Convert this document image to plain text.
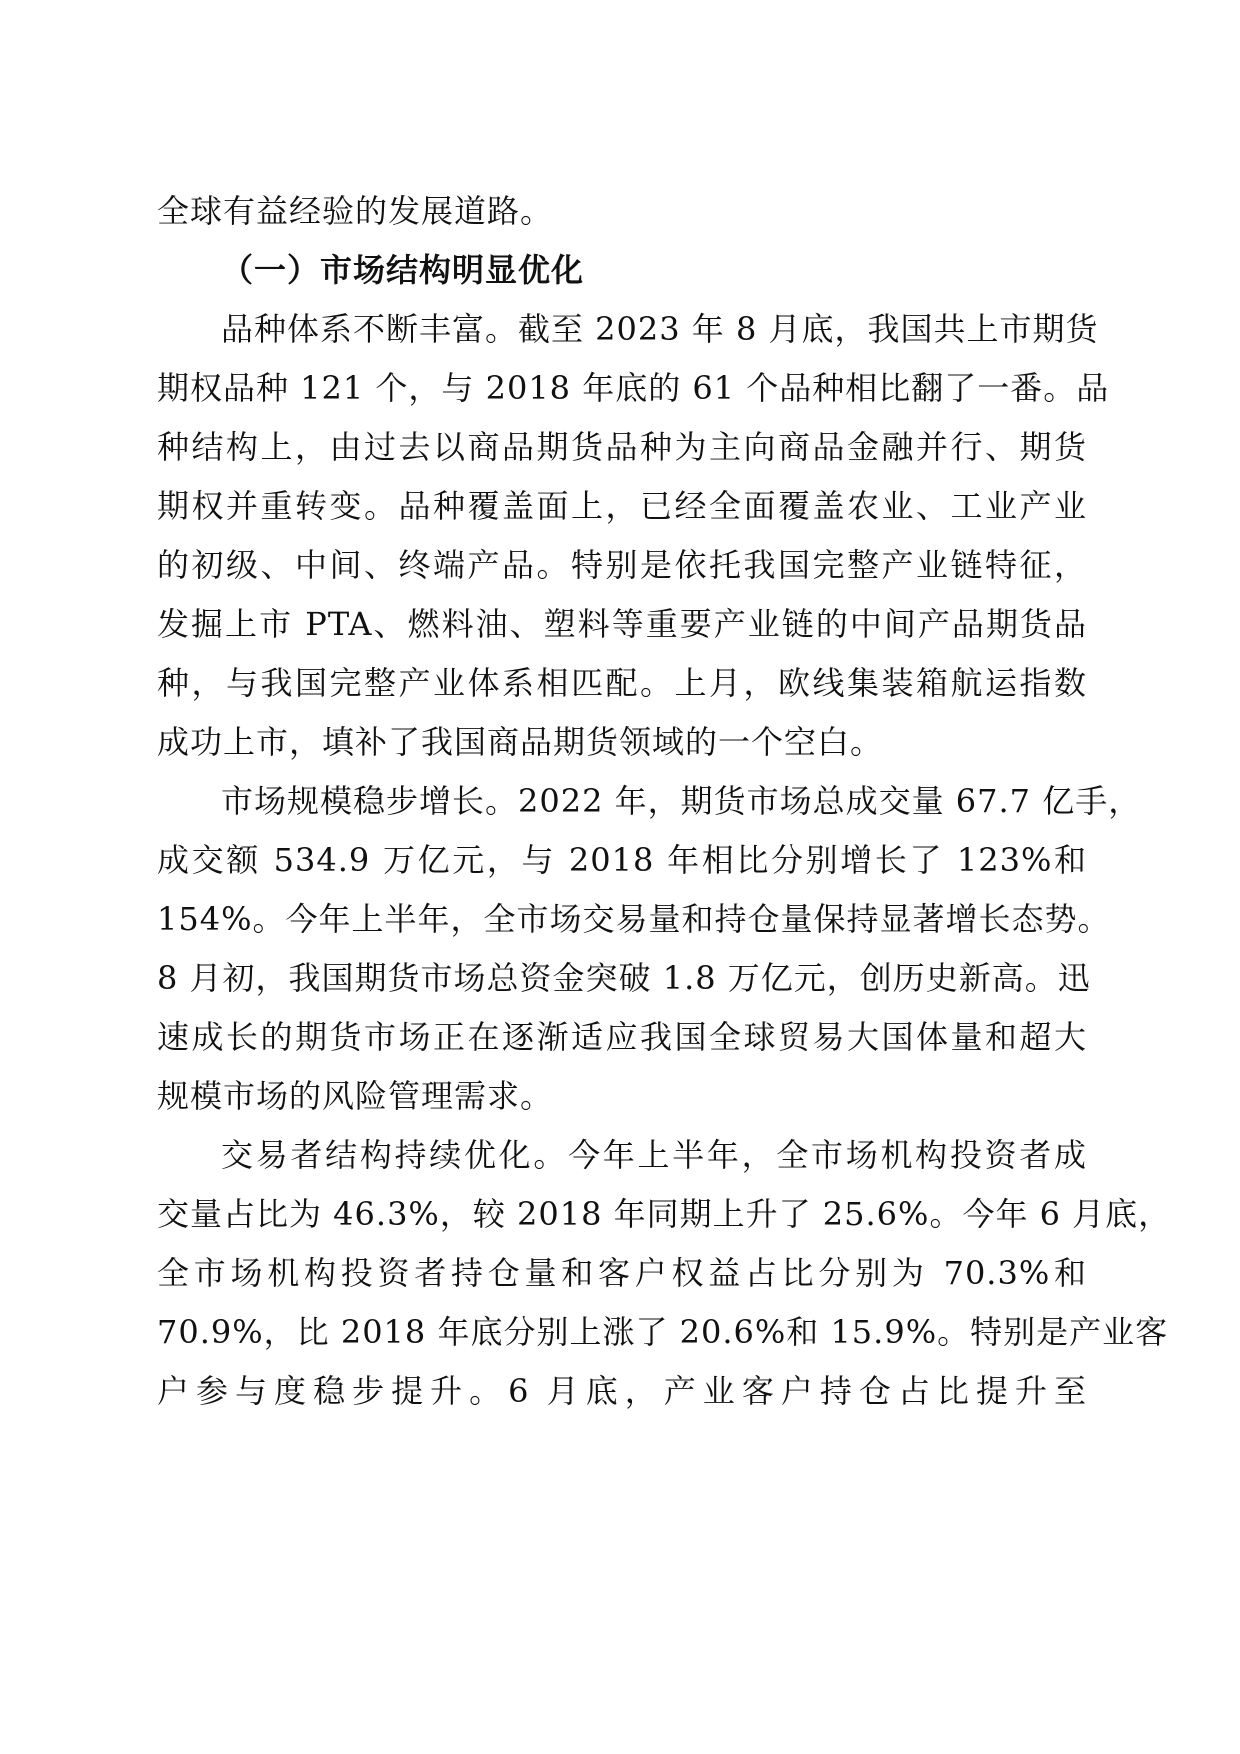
全球有益经验的发展道路。
（一）市场结构明显优化
品种体系不断丰富。截至 2023 年 8 月底，我国共上市期货
期权品种 121 个，与 2018 年底的 61 个品种相比翻了一番。品
种结构上，由过去以商品期货品种为主向商品金融并行、期货
期权并重转变。品种覆盖面上，已经全面覆盖农业、工业产业
的初级、中间、终端产品。特别是依托我国完整产业链特征，
发掘上市 PTA、燃料油、塑料等重要产业链的中间产品期货品
种，与我国完整产业体系相匹配。上月，欧线集装箱航运指数
成功上市，填补了我国商品期货领域的一个空白。
市场规模稳步增长。2022 年，期货市场总成交量 67.7 亿手，
成交额 534.9 万亿元，与 2018 年相比分别增长了 123%和
154%。今年上半年，全市场交易量和持仓量保持显著增长态势。
8 月初，我国期货市场总资金突破 1.8 万亿元，创历史新高。迅
速成长的期货市场正在逐渐适应我国全球贸易大国体量和超大
规模市场的风险管理需求。
交易者结构持续优化。今年上半年，全市场机构投资者成
交量占比为 46.3%，较 2018 年同期上升了 25.6%。今年 6 月底，
全市场机构投资者持仓量和客户权益占比分别为 70.3%和
70.9%，比 2018 年底分别上涨了 20.6%和 15.9%。特别是产业客
户参与度稳步提升。6 月底，产业客户持仓占比提升至
